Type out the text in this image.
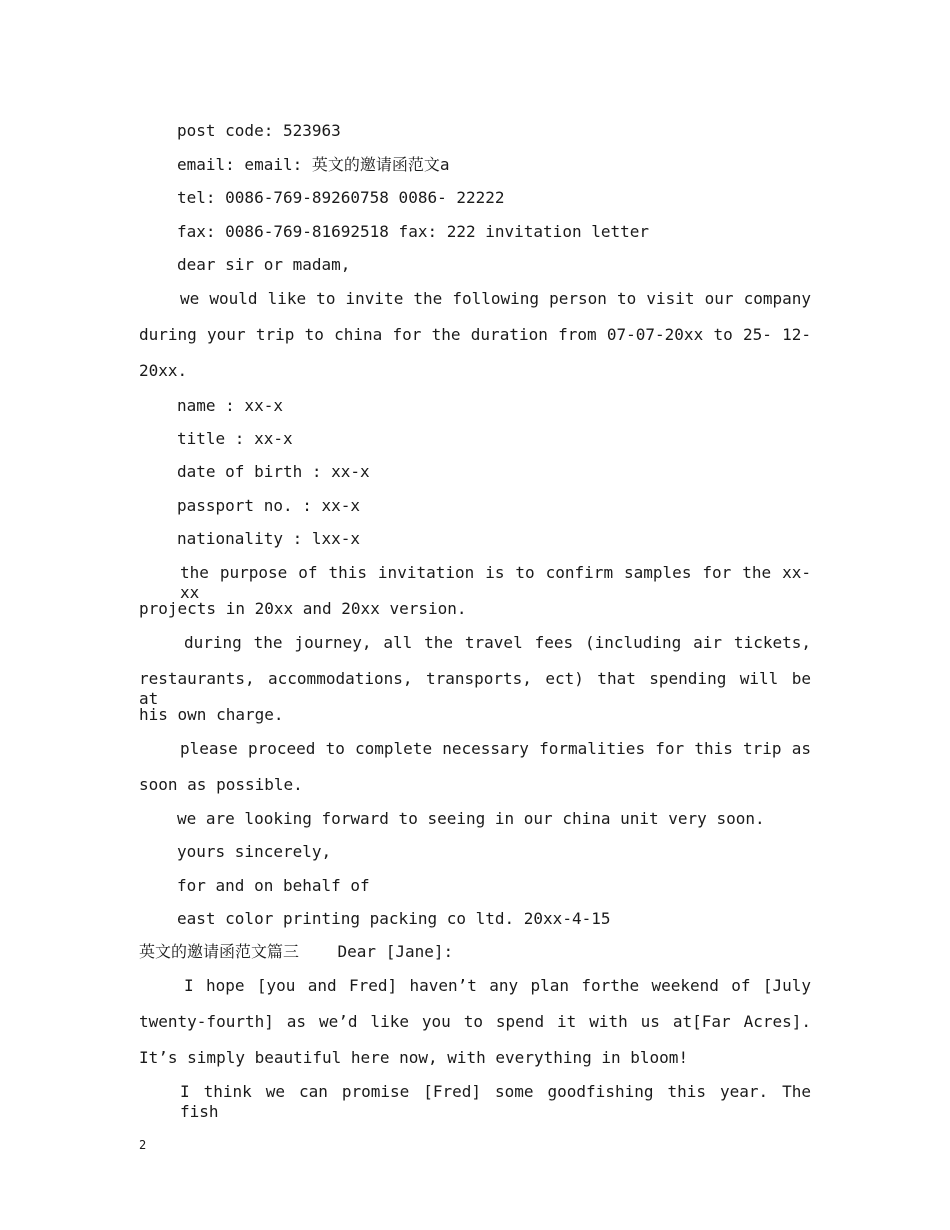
post code: 523963
email: email: 英文的邀请函范文a
tel: 0086-769-89260758 0086- 22222
fax: 0086-769-81692518 fax: 222 invitation letter
dear sir or madam,
we would like to invite the following person to visit our company
during your trip to china for the duration from 07-07-20xx to 25- 12-
20xx.
name : xx-x
title : xx-x
date of birth : xx-x
passport no. : xx-x
nationality : lxx-x
the purpose of this invitation is to confirm samples for the xx-xx
projects in 20xx and 20xx version.
during the journey, all the travel fees (including air tickets,
restaurants, accommodations, transports, ect) that spending will be at
his own charge.
please proceed to complete necessary formalities for this trip as
soon as possible.
we are looking forward to seeing in our china unit very soon.
yours sincerely,
for and on behalf of
east color printing packing co ltd. 20xx-4-15
英文的邀请函范文篇三    Dear [Jane]:
I hope [you and Fred] haven’t any plan forthe weekend of [July
twenty-fourth] as we’d like you to spend it with us at[Far Acres].
It’s simply beautiful here now, with everything in bloom!
I think we can promise [Fred] some goodfishing this year. The fish
2
